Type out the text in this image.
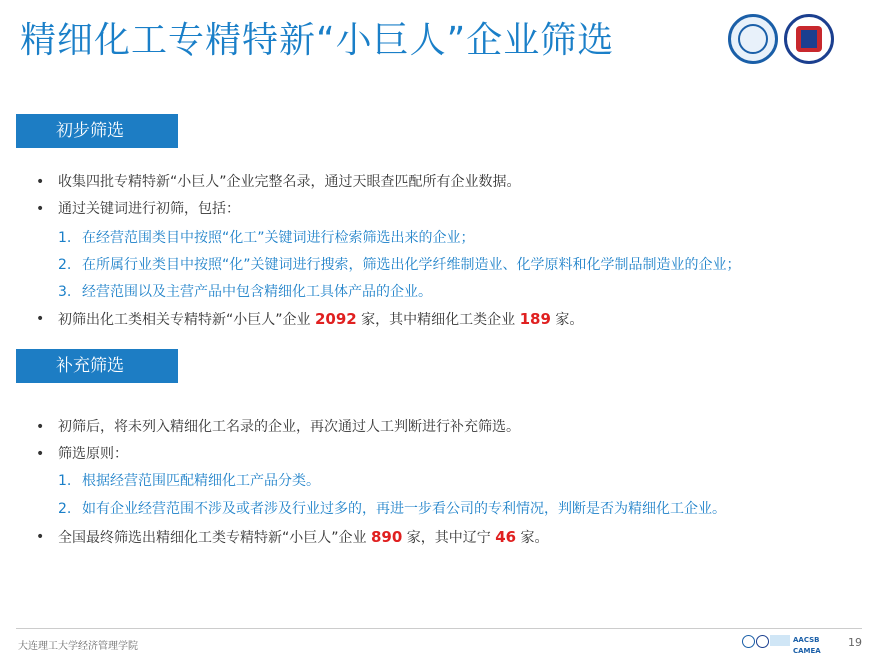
精细化工专精特新“小巨人”企业筛选
初步筛选
• 收集四批专精特新“小巨人”企业完整名录，通过天眼查匹配所有企业数据。
• 通过关键词进行初筛，包括：
1. 在经营范围类目中按照“化工”关键词进行检索筛选出来的企业；
2. 在所属行业类目中按照“化”关键词进行搜索，筛选出化学纤维制造业、化学原料和化学制品制造业的企业；
3. 经营范围以及主营产品中包含精细化工具体产品的企业。
• 初筛出化工类相关专精特新“小巨人”企业 2092 家，其中精细化工类企业 189 家。
补充筛选
• 初筛后，将未列入精细化工名录的企业，再次通过人工判断进行补充筛选。
• 筛选原则：
1. 根据经营范围匹配精细化工产品分类。
2. 如有企业经营范围不涉及或者涉及行业过多的，再进一步看公司的专利情况，判断是否为精细化工企业。
• 全国最终筛选出精细化工类专精特新“小巨人”企业 890 家，其中辽宁 46 家。
大连理工大学经济管理学院
AACSB CAMEA
19
